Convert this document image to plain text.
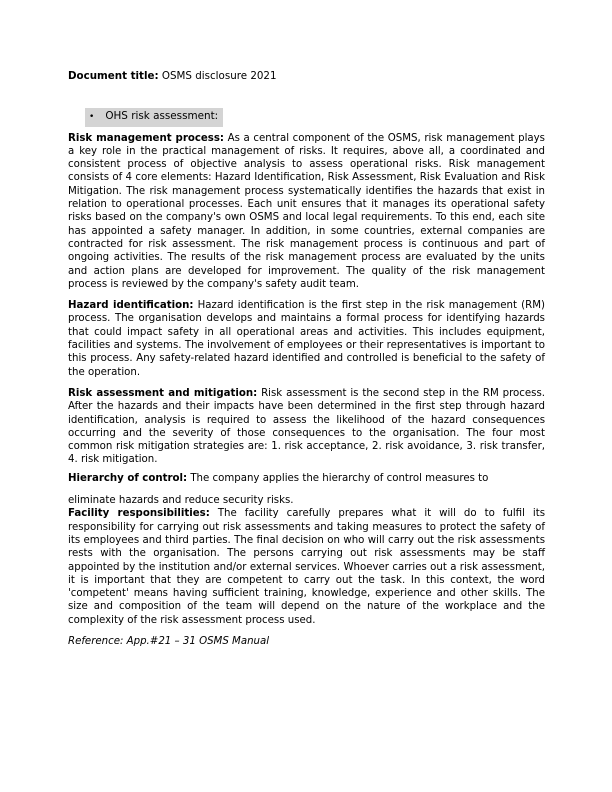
Document title: OSMS disclosure 2021
• OHS risk assessment:
Risk management process: As a central component of the OSMS, risk management plays a key role in the practical management of risks. It requires, above all, a coordinated and consistent process of objective analysis to assess operational risks. Risk management consists of 4 core elements: Hazard Identification, Risk Assessment, Risk Evaluation and Risk Mitigation. The risk management process systematically identifies the hazards that exist in relation to operational processes. Each unit ensures that it manages its operational safety risks based on the company's own OSMS and local legal requirements. To this end, each site has appointed a safety manager. In addition, in some countries, external companies are contracted for risk assessment. The risk management process is continuous and part of ongoing activities. The results of the risk management process are evaluated by the units and action plans are developed for improvement. The quality of the risk management process is reviewed by the company's safety audit team.
Hazard identification: Hazard identification is the first step in the risk management (RM) process. The organisation develops and maintains a formal process for identifying hazards that could impact safety in all operational areas and activities. This includes equipment, facilities and systems. The involvement of employees or their representatives is important to this process. Any safety-related hazard identified and controlled is beneficial to the safety of the operation.
Risk assessment and mitigation: Risk assessment is the second step in the RM process. After the hazards and their impacts have been determined in the first step through hazard identification, analysis is required to assess the likelihood of the hazard consequences occurring and the severity of those consequences to the organisation. The four most common risk mitigation strategies are: 1. risk acceptance, 2. risk avoidance, 3. risk transfer, 4. risk mitigation.
Hierarchy of control: The company applies the hierarchy of control measures to
eliminate hazards and reduce security risks.
Facility responsibilities: The facility carefully prepares what it will do to fulfil its responsibility for carrying out risk assessments and taking measures to protect the safety of its employees and third parties. The final decision on who will carry out the risk assessments rests with the organisation. The persons carrying out risk assessments may be staff appointed by the institution and/or external services. Whoever carries out a risk assessment, it is important that they are competent to carry out the task. In this context, the word 'competent' means having sufficient training, knowledge, experience and other skills. The size and composition of the team will depend on the nature of the workplace and the complexity of the risk assessment process used.
Reference: App.#21 – 31 OSMS Manual
